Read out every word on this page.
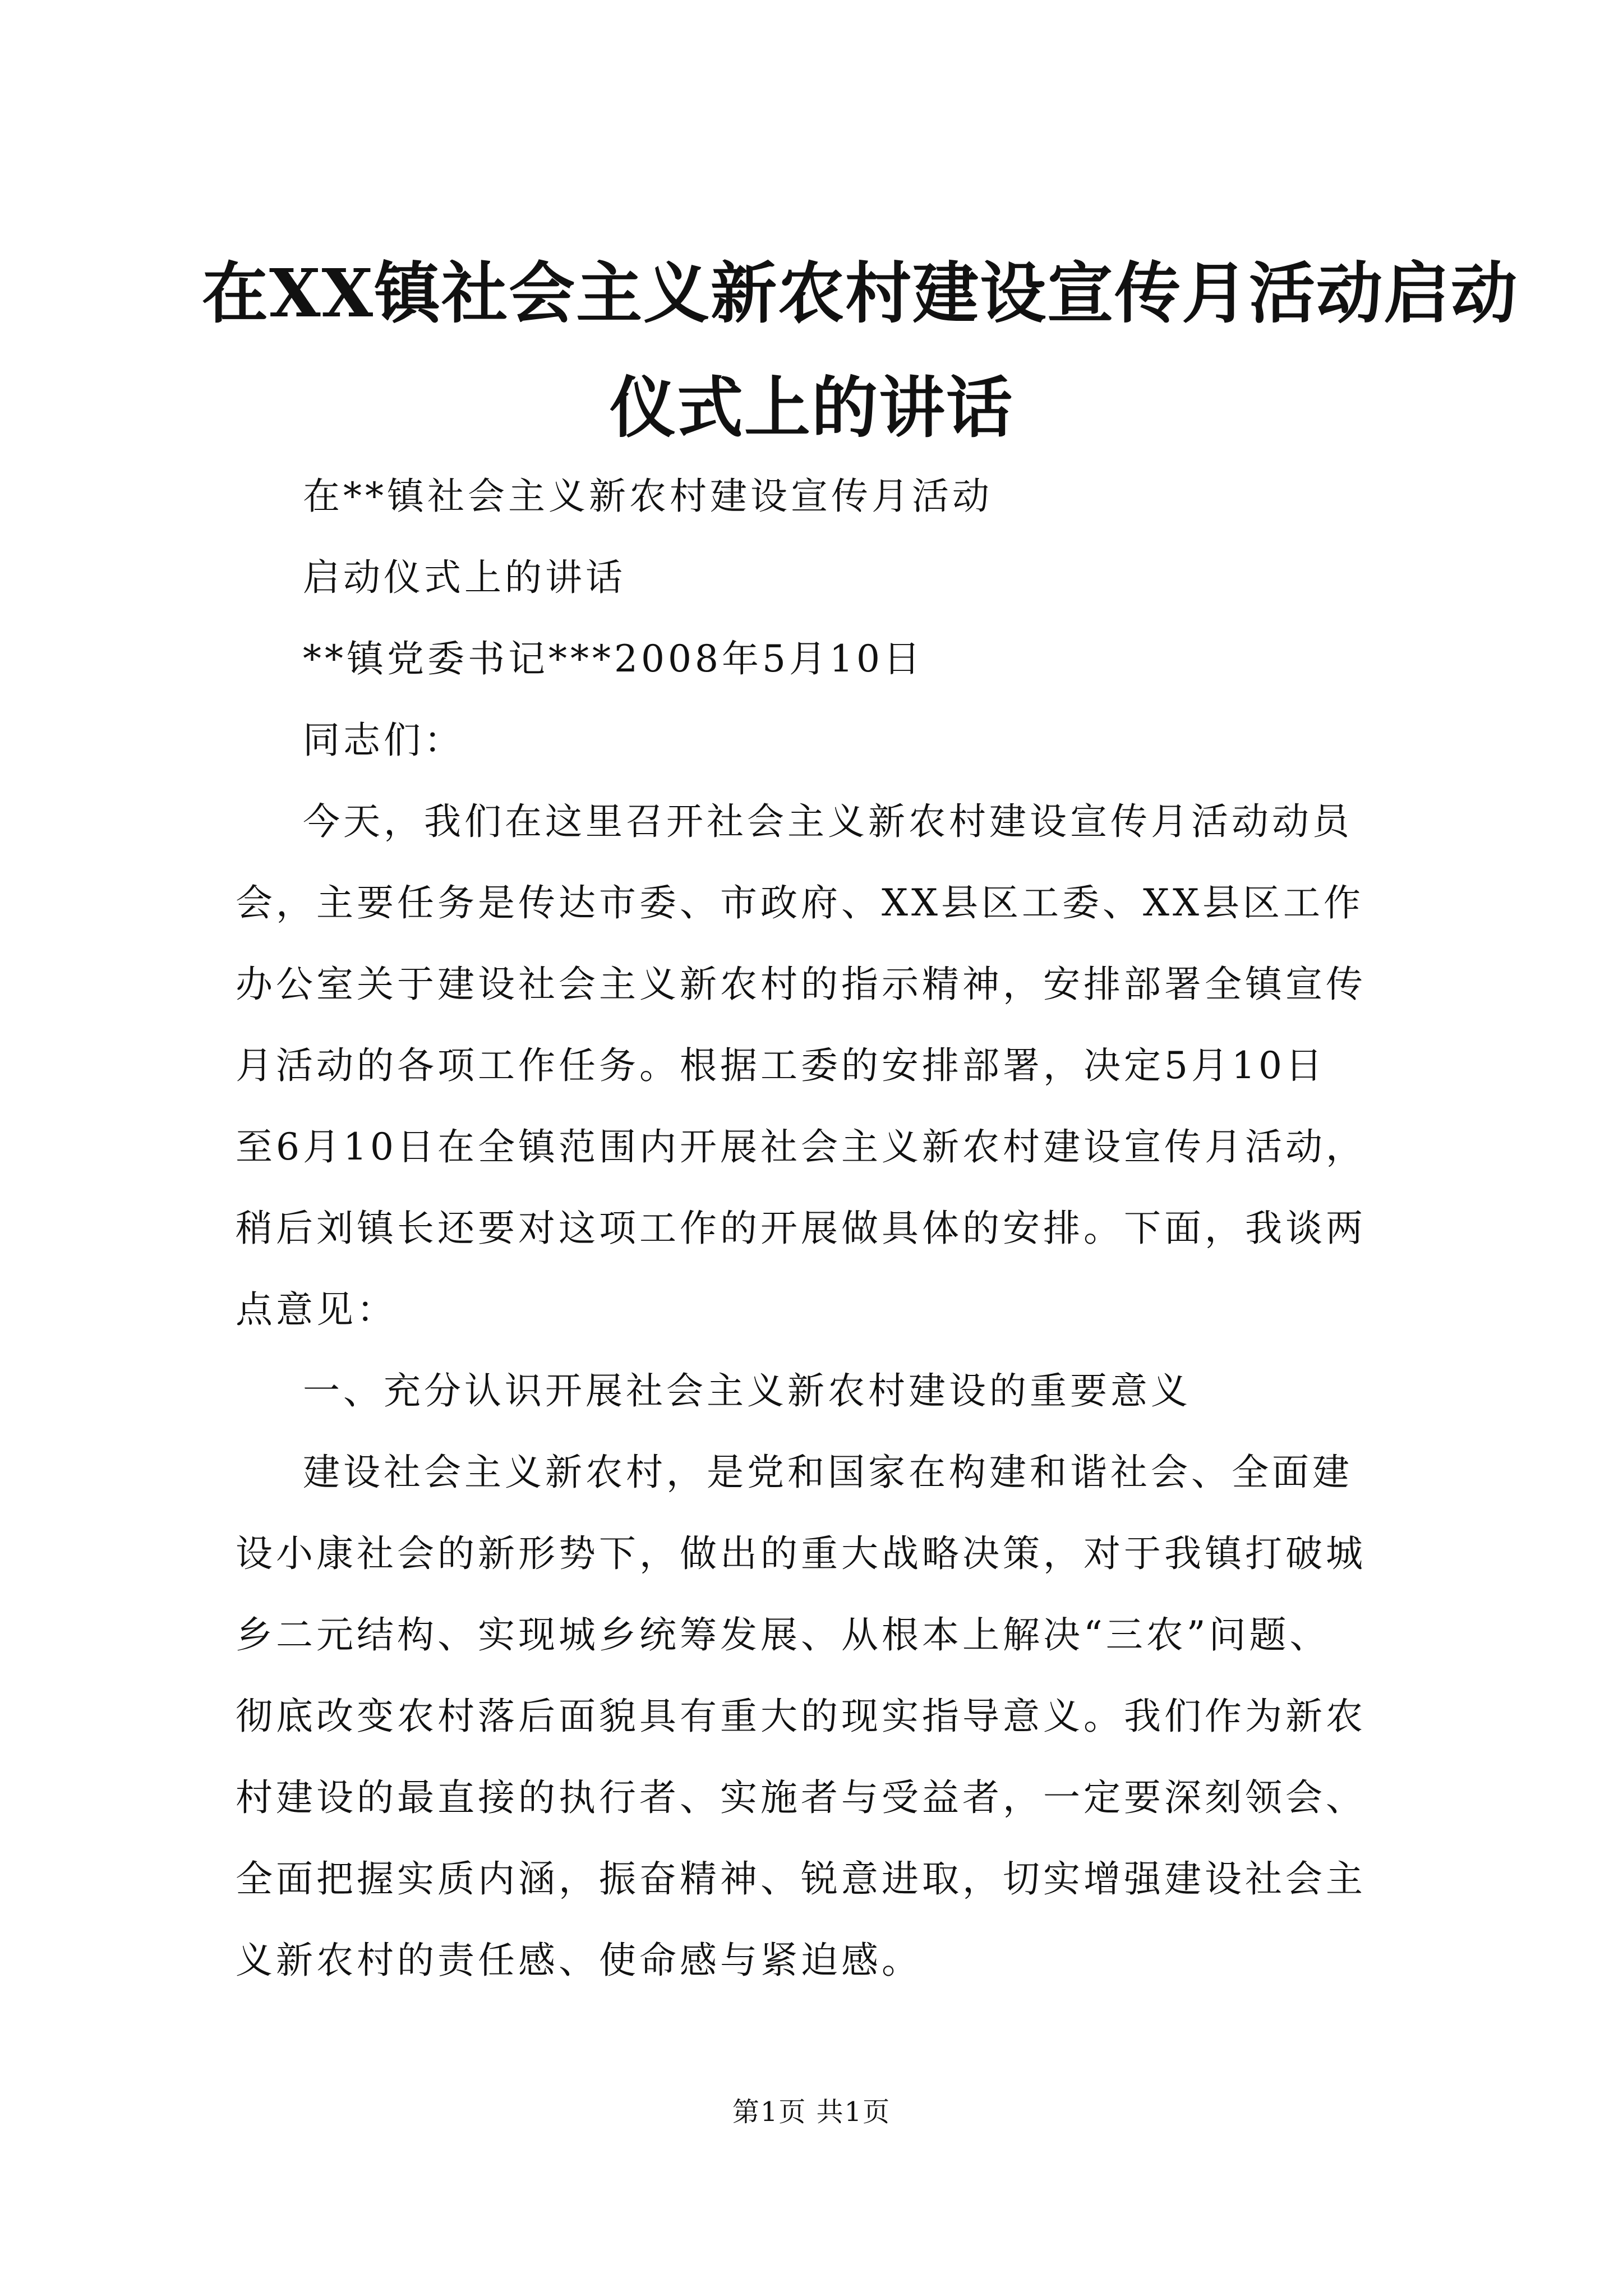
在XX镇社会主义新农村建设宣传月活动启动
仪式上的讲话
在**镇社会主义新农村建设宣传月活动
启动仪式上的讲话
**镇党委书记***2008年5月10日
同志们：
今天，我们在这里召开社会主义新农村建设宣传月活动动员
会，主要任务是传达市委、市政府、XX县区工委、XX县区工作
办公室关于建设社会主义新农村的指示精神，安排部署全镇宣传
月活动的各项工作任务。根据工委的安排部署，决定5月10日
至6月10日在全镇范围内开展社会主义新农村建设宣传月活动，
稍后刘镇长还要对这项工作的开展做具体的安排。下面，我谈两
点意见：
一、充分认识开展社会主义新农村建设的重要意义
建设社会主义新农村，是党和国家在构建和谐社会、全面建
设小康社会的新形势下，做出的重大战略决策，对于我镇打破城
乡二元结构、实现城乡统筹发展、从根本上解决“三农”问题、
彻底改变农村落后面貌具有重大的现实指导意义。我们作为新农
村建设的最直接的执行者、实施者与受益者，一定要深刻领会、
全面把握实质内涵，振奋精神、锐意进取，切实增强建设社会主
义新农村的责任感、使命感与紧迫感。
第1页 共1页
